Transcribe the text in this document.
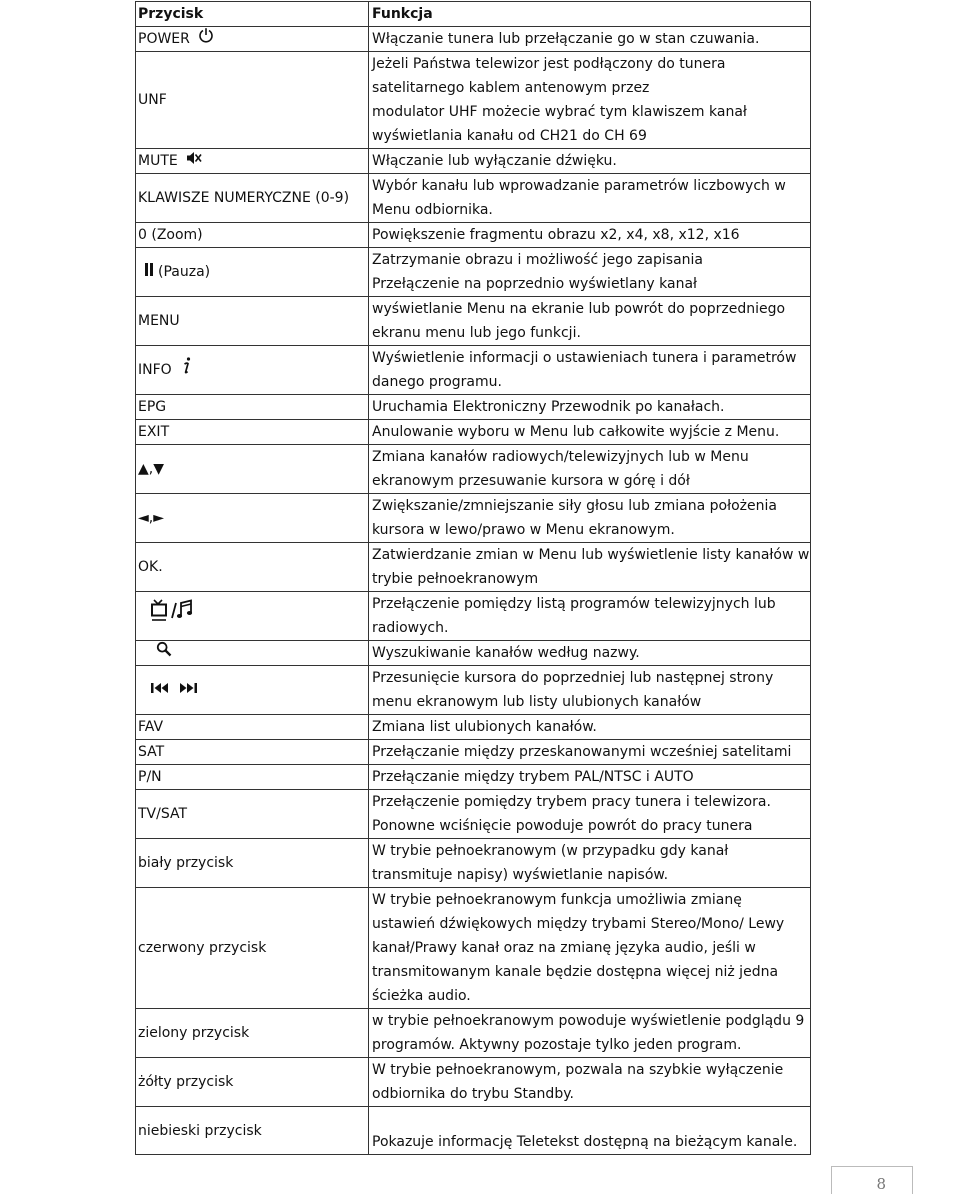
Przycisk	Funkcja
POWER	Włączanie tunera lub przełączanie go w stan czuwania.

UNF	Jeżeli Państwa telewizor jest podłączony do tunera
satelitarnego kablem antenowym przez
modulator UHF możecie wybrać tym klawiszem kanał
wyświetlania kanału od CH21 do CH 69

MUTE	Włączanie lub wyłączanie dźwięku.

KLAWISZE NUMERYCZNE (0-9)	Wybór kanału lub wprowadzanie parametrów liczbowych w
Menu odbiornika.

0 (Zoom)	Powiększenie fragmentu obrazu x2, x4, x8, x12, x16

(Pauza)	Zatrzymanie obrazu i możliwość jego zapisania
Przełączenie na poprzednio wyświetlany kanał

MENU	wyświetlanie Menu na ekranie lub powrót do poprzedniego
ekranu menu lub jego funkcji.

INFO	Wyświetlenie informacji o ustawieniach tunera i parametrów
danego programu.

EPG	Uruchamia Elektroniczny Przewodnik po kanałach.

EXIT	Anulowanie wyboru w Menu lub całkowite wyjście z Menu.

▲,▼	Zmiana kanałów radiowych/telewizyjnych lub w Menu
ekranowym przesuwanie kursora w górę i dół

◄,►	Zwiększanie/zmniejszanie siły głosu lub zmiana położenia
kursora w lewo/prawo w Menu ekranowym.

OK.	Zatwierdzanie zmian w Menu lub wyświetlenie listy kanałów w
trybie pełnoekranowym

Przełączenie pomiędzy listą programów telewizyjnych lub
radiowych.

Wyszukiwanie kanałów według nazwy.

Przesunięcie kursora do poprzedniej lub następnej strony
menu ekranowym lub listy ulubionych kanałów

FAV	Zmiana list ulubionych kanałów.

SAT	Przełączanie między przeskanowanymi wcześniej satelitami

P/N	Przełączanie między trybem PAL/NTSC i AUTO

TV/SAT	Przełączenie pomiędzy trybem pracy tunera i telewizora.
Ponowne wciśnięcie powoduje powrót do pracy tunera

biały przycisk	W trybie pełnoekranowym (w przypadku gdy kanał
transmituje napisy) wyświetlanie napisów.

czerwony przycisk	W trybie pełnoekranowym funkcja umożliwia zmianę
ustawień dźwiękowych między trybami Stereo/Mono/ Lewy
kanał/Prawy kanał oraz na zmianę języka audio, jeśli w
transmitowanym kanale będzie dostępna więcej niż jedna
ścieżka audio.

zielony przycisk	w trybie pełnoekranowym powoduje wyświetlenie podglądu 9
programów. Aktywny pozostaje tylko jeden program.

żółty przycisk	W trybie pełnoekranowym, pozwala na szybkie wyłączenie
odbiornika do trybu Standby.

niebieski przycisk	Pokazuje informację Teletekst dostępną na bieżącym kanale.
8
